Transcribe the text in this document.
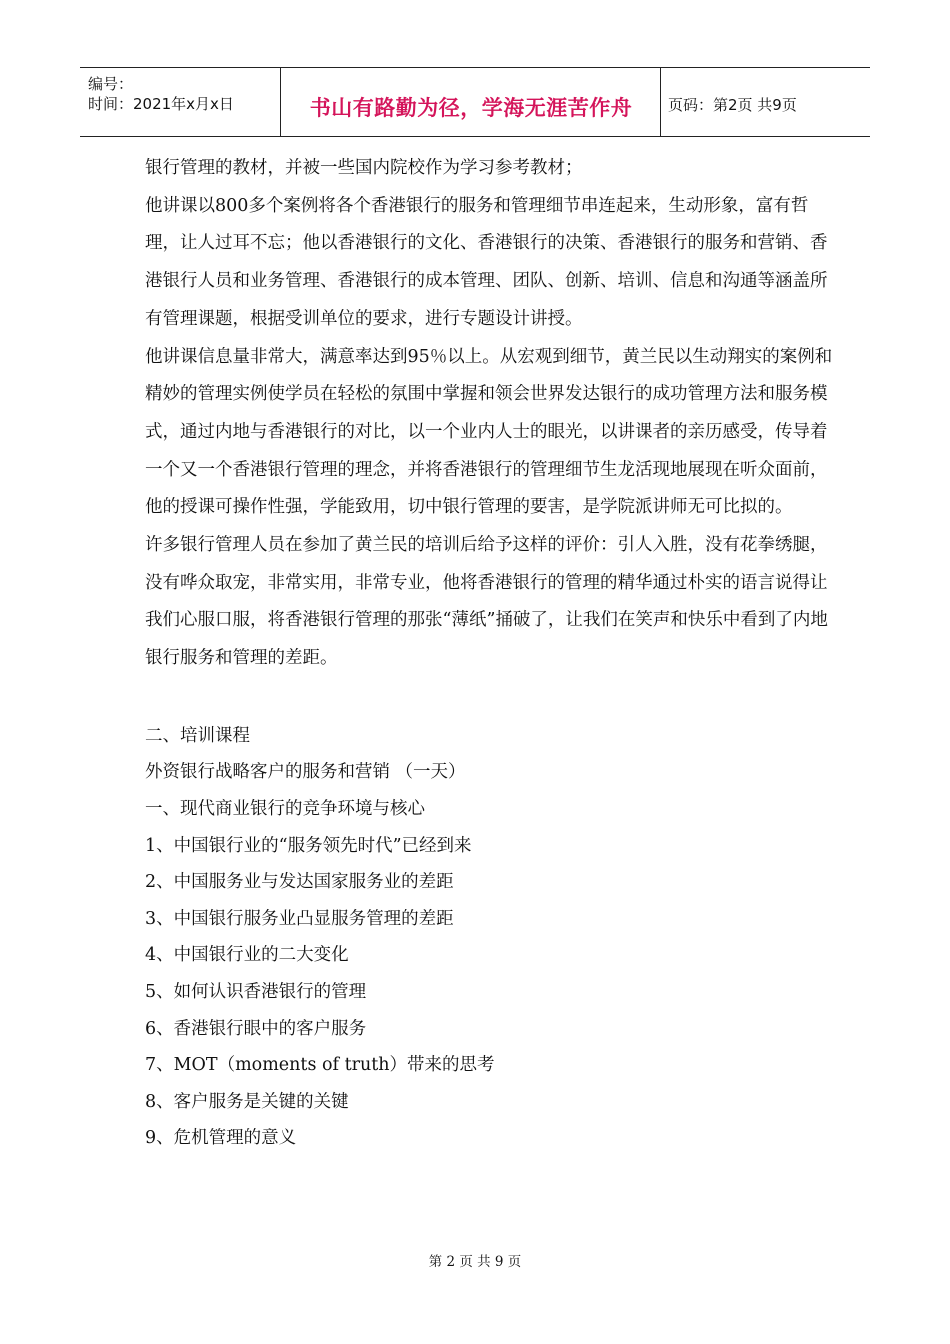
编号：
时间：2021年x月x日	书山有路勤为径，学海无涯苦作舟	页码：第2页 共9页

银行管理的教材，并被一些国内院校作为学习参考教材；

他讲课以800多个案例将各个香港银行的服务和管理细节串连起来，生动形象，富有哲理，让人过耳不忘；他以香港银行的文化、香港银行的决策、香港银行的服务和营销、香港银行人员和业务管理、香港银行的成本管理、团队、创新、培训、信息和沟通等涵盖所有管理课题，根据受训单位的要求，进行专题设计讲授。

他讲课信息量非常大，满意率达到95％以上。从宏观到细节，黄兰民以生动翔实的案例和精妙的管理实例使学员在轻松的氛围中掌握和领会世界发达银行的成功管理方法和服务模式，通过内地与香港银行的对比，以一个业内人士的眼光，以讲课者的亲历感受，传导着一个又一个香港银行管理的理念，并将香港银行的管理细节生龙活现地展现在听众面前，他的授课可操作性强，学能致用，切中银行管理的要害，是学院派讲师无可比拟的。

许多银行管理人员在参加了黄兰民的培训后给予这样的评价：引人入胜，没有花拳绣腿，没有哗众取宠，非常实用，非常专业，他将香港银行的管理的精华通过朴实的语言说得让我们心服口服，将香港银行管理的那张“薄纸”捅破了，让我们在笑声和快乐中看到了内地银行服务和管理的差距。

二、培训课程
外资银行战略客户的服务和营销 （一天）
一、现代商业银行的竞争环境与核心
1、中国银行业的“服务领先时代”已经到来
2、中国服务业与发达国家服务业的差距
3、中国银行服务业凸显服务管理的差距
4、中国银行业的二大变化
5、如何认识香港银行的管理
6、香港银行眼中的客户服务
7、MOT（moments of truth）带来的思考
8、客户服务是关键的关键
9、危机管理的意义
第 2 页 共 9 页
